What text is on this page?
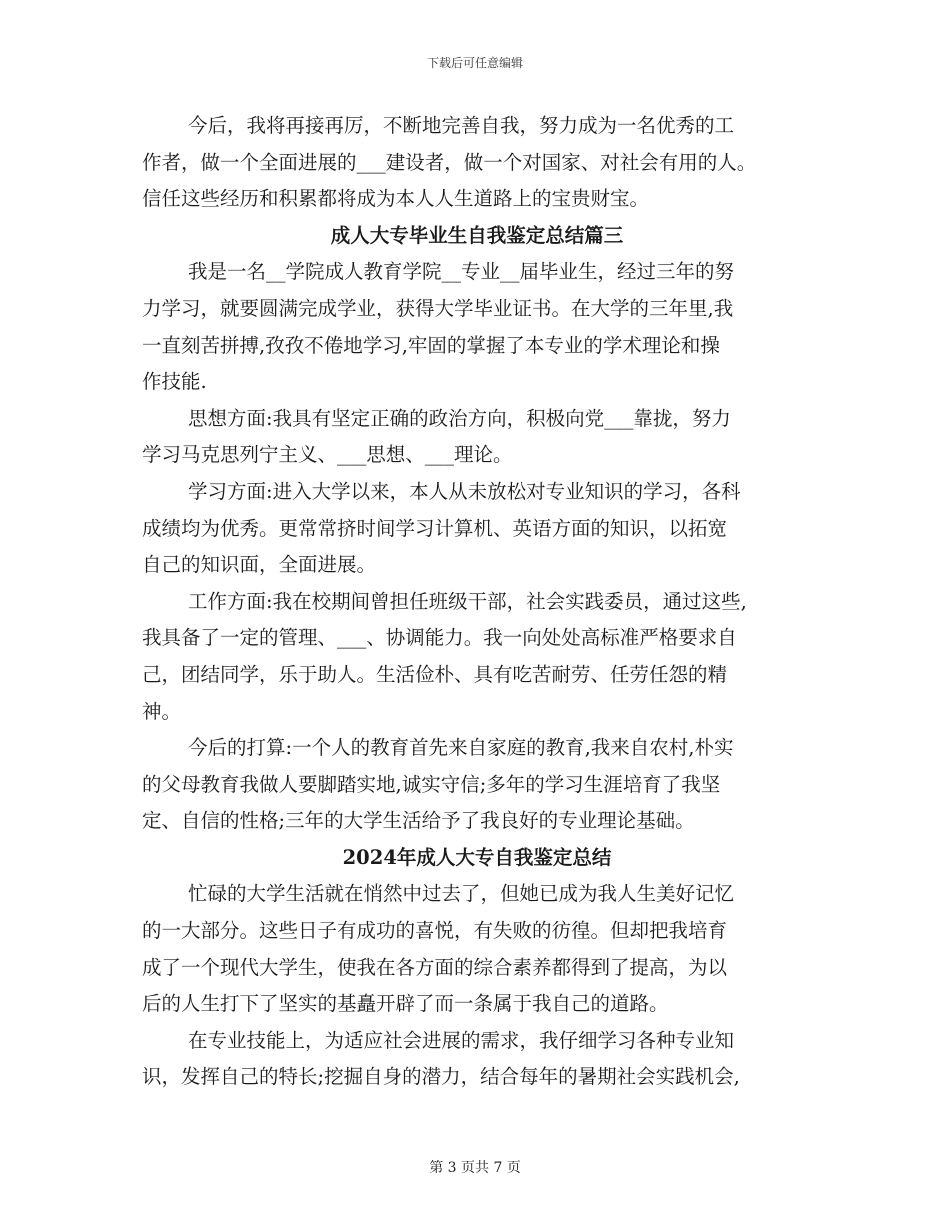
下载后可任意编辑
今后，我将再接再厉，不断地完善自我，努力成为一名优秀的工
作者，做一个全面进展的___建设者，做一个对国家、对社会有用的人。
信任这些经历和积累都将成为本人人生道路上的宝贵财宝。
成人大专毕业生自我鉴定总结篇三
我是一名__学院成人教育学院__专业__届毕业生，经过三年的努
力学习，就要圆满完成学业，获得大学毕业证书。在大学的三年里,我
一直刻苦拼搏,孜孜不倦地学习,牢固的掌握了本专业的学术理论和操
作技能.
思想方面:我具有坚定正确的政治方向，积极向党___靠拢，努力
学习马克思列宁主义、___思想、___理论。
学习方面:进入大学以来，本人从未放松对专业知识的学习，各科
成绩均为优秀。更常常挤时间学习计算机、英语方面的知识，以拓宽
自己的知识面，全面进展。
工作方面:我在校期间曾担任班级干部，社会实践委员，通过这些,
我具备了一定的管理、___、协调能力。我一向处处高标准严格要求自
己，团结同学，乐于助人。生活俭朴、具有吃苦耐劳、任劳任怨的精
神。
今后的打算:一个人的教育首先来自家庭的教育,我来自农村,朴实
的父母教育我做人要脚踏实地,诚实守信;多年的学习生涯培育了我坚
定、自信的性格;三年的大学生活给予了我良好的专业理论基础。
2024年成人大专自我鉴定总结
忙碌的大学生活就在悄然中过去了，但她已成为我人生美好记忆
的一大部分。这些日子有成功的喜悦，有失败的彷徨。但却把我培育
成了一个现代大学生，使我在各方面的综合素养都得到了提高，为以
后的人生打下了坚实的基矗开辟了而一条属于我自己的道路。
在专业技能上，为适应社会进展的需求，我仔细学习各种专业知
识，发挥自己的特长;挖掘自身的潜力，结合每年的暑期社会实践机会,
第 3 页共 7 页
